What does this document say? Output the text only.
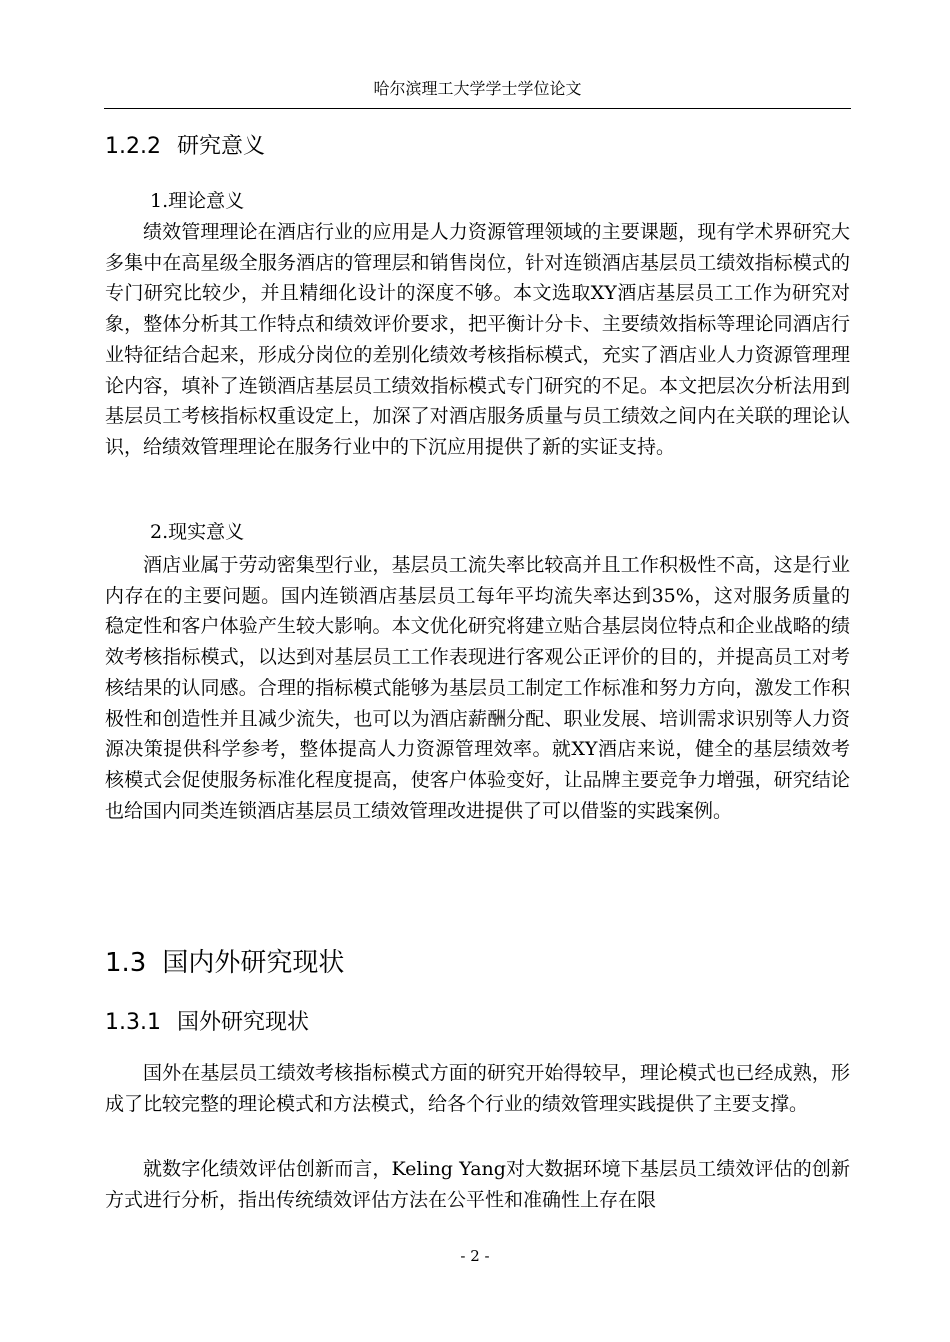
哈尔滨理工大学学士学位论文
1.2.2 研究意义
1.理论意义

绩效管理理论在酒店行业的应用是人力资源管理领域的主要课题，现有学术界研究大多集中在高星级全服务酒店的管理层和销售岗位，针对连锁酒店基层员工绩效指标模式的专门研究比较少，并且精细化设计的深度不够。本文选取XY酒店基层员工工作为研究对象，整体分析其工作特点和绩效评价要求，把平衡计分卡、主要绩效指标等理论同酒店行业特征结合起来，形成分岗位的差别化绩效考核指标模式，充实了酒店业人力资源管理理论内容，填补了连锁酒店基层员工绩效指标模式专门研究的不足。本文把层次分析法用到基层员工考核指标权重设定上，加深了对酒店服务质量与员工绩效之间内在关联的理论认识，给绩效管理理论在服务行业中的下沉应用提供了新的实证支持。

2.现实意义

酒店业属于劳动密集型行业，基层员工流失率比较高并且工作积极性不高，这是行业内存在的主要问题。国内连锁酒店基层员工每年平均流失率达到35%，这对服务质量的稳定性和客户体验产生较大影响。本文优化研究将建立贴合基层岗位特点和企业战略的绩效考核指标模式，以达到对基层员工工作表现进行客观公正评价的目的，并提高员工对考核结果的认同感。合理的指标模式能够为基层员工制定工作标准和努力方向，激发工作积极性和创造性并且减少流失，也可以为酒店薪酬分配、职业发展、培训需求识别等人力资源决策提供科学参考，整体提高人力资源管理效率。就XY酒店来说，健全的基层绩效考核模式会促使服务标准化程度提高，使客户体验变好，让品牌主要竞争力增强，研究结论也给国内同类连锁酒店基层员工绩效管理改进提供了可以借鉴的实践案例。

1.3 国内外研究现状
1.3.1 国外研究现状

国外在基层员工绩效考核指标模式方面的研究开始得较早，理论模式也已经成熟，形成了比较完整的理论模式和方法模式，给各个行业的绩效管理实践提供了主要支撑。

就数字化绩效评估创新而言，Keling Yang对大数据环境下基层员工绩效评估的创新方式进行分析，指出传统绩效评估方法在公平性和准确性上存在限

- 2 -
